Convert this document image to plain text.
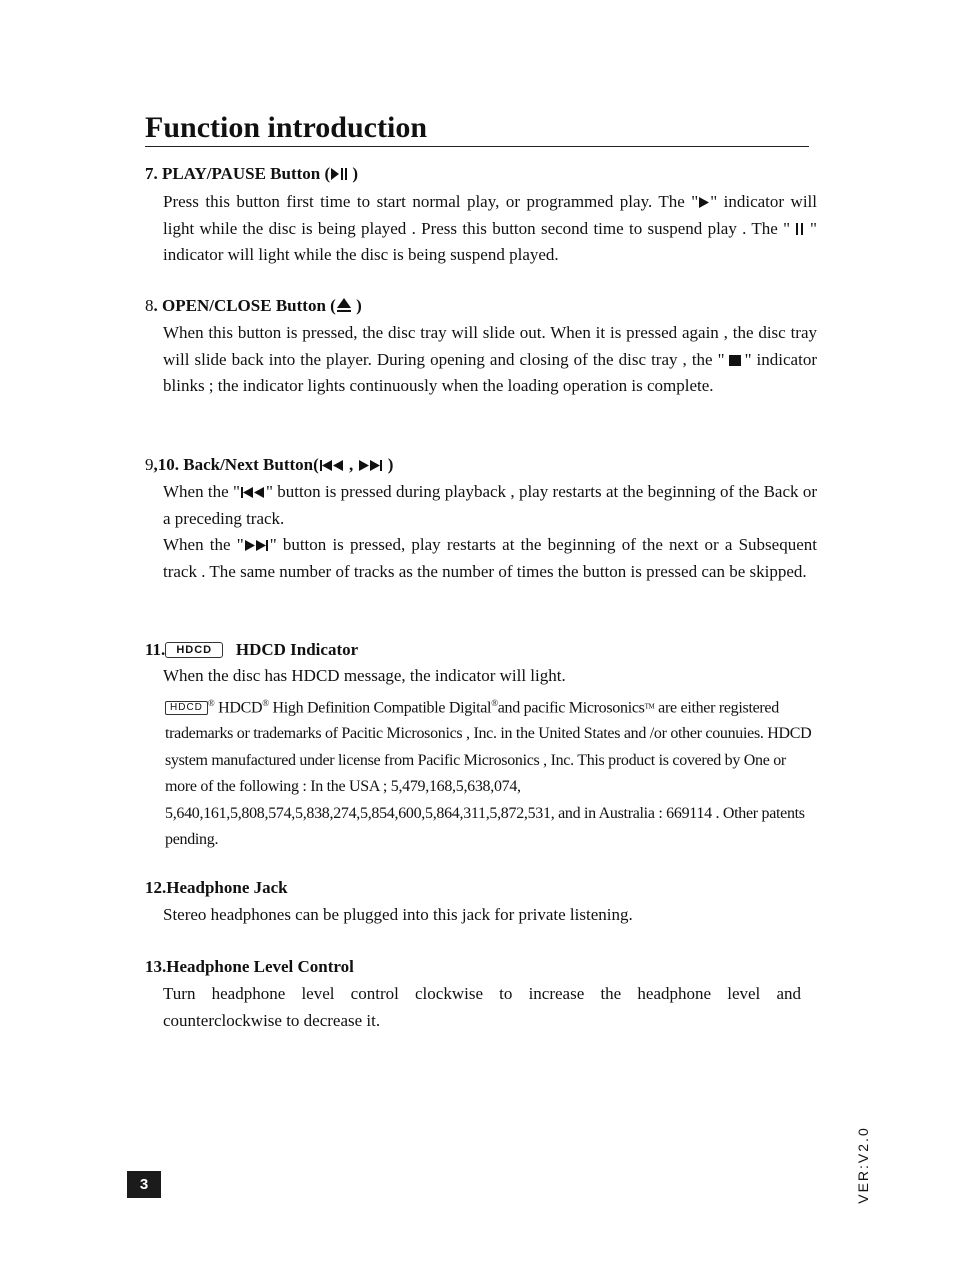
Function introduction
7. PLAY/PAUSE Button ( )
Press this button first time to start normal play, or programmed play. The " " indicator will light while the disc is being played . Press this button second time to suspend play . The " " indicator will light while the disc is being suspend played.
8. OPEN/CLOSE Button ( )
When this button is pressed, the disc tray will slide out. When it is pressed again , the disc tray will slide back into the player. During opening and closing of the disc tray , the " " indicator blinks ; the indicator lights continuously when the loading operation is complete.
9,10. Back/Next Button( ,  )
When the " " button is pressed during playback , play restarts at the beginning of the Back or a preceding track.
When the " " button is pressed, play restarts at the beginning of the next or a Subsequent track . The same number of tracks as the number of times the button is pressed can be skipped.
11. HDCD HDCD Indicator
When the disc has HDCD message, the indicator will light.
HDCD ® HDCD® High Definition Compatible Digital®and pacific Microsonics™ are either registered trademarks or trademarks of Pacitic Microsonics , Inc. in the United States and /or other counuies. HDCD system manufactured under license from Pacific Microsonics , Inc. This product is covered by One or more of the following : In the USA ; 5,479,168,5,638,074, 5,640,161,5,808,574,5,838,274,5,854,600,5,864,311,5,872,531, and in Australia : 669114 . Other patents pending.
12.Headphone Jack
Stereo headphones can be plugged into this jack for private listening.
13.Headphone Level Control
Turn headphone level control clockwise to increase the headphone level and counterclockwise to decrease it.
3	VER:V2.0
